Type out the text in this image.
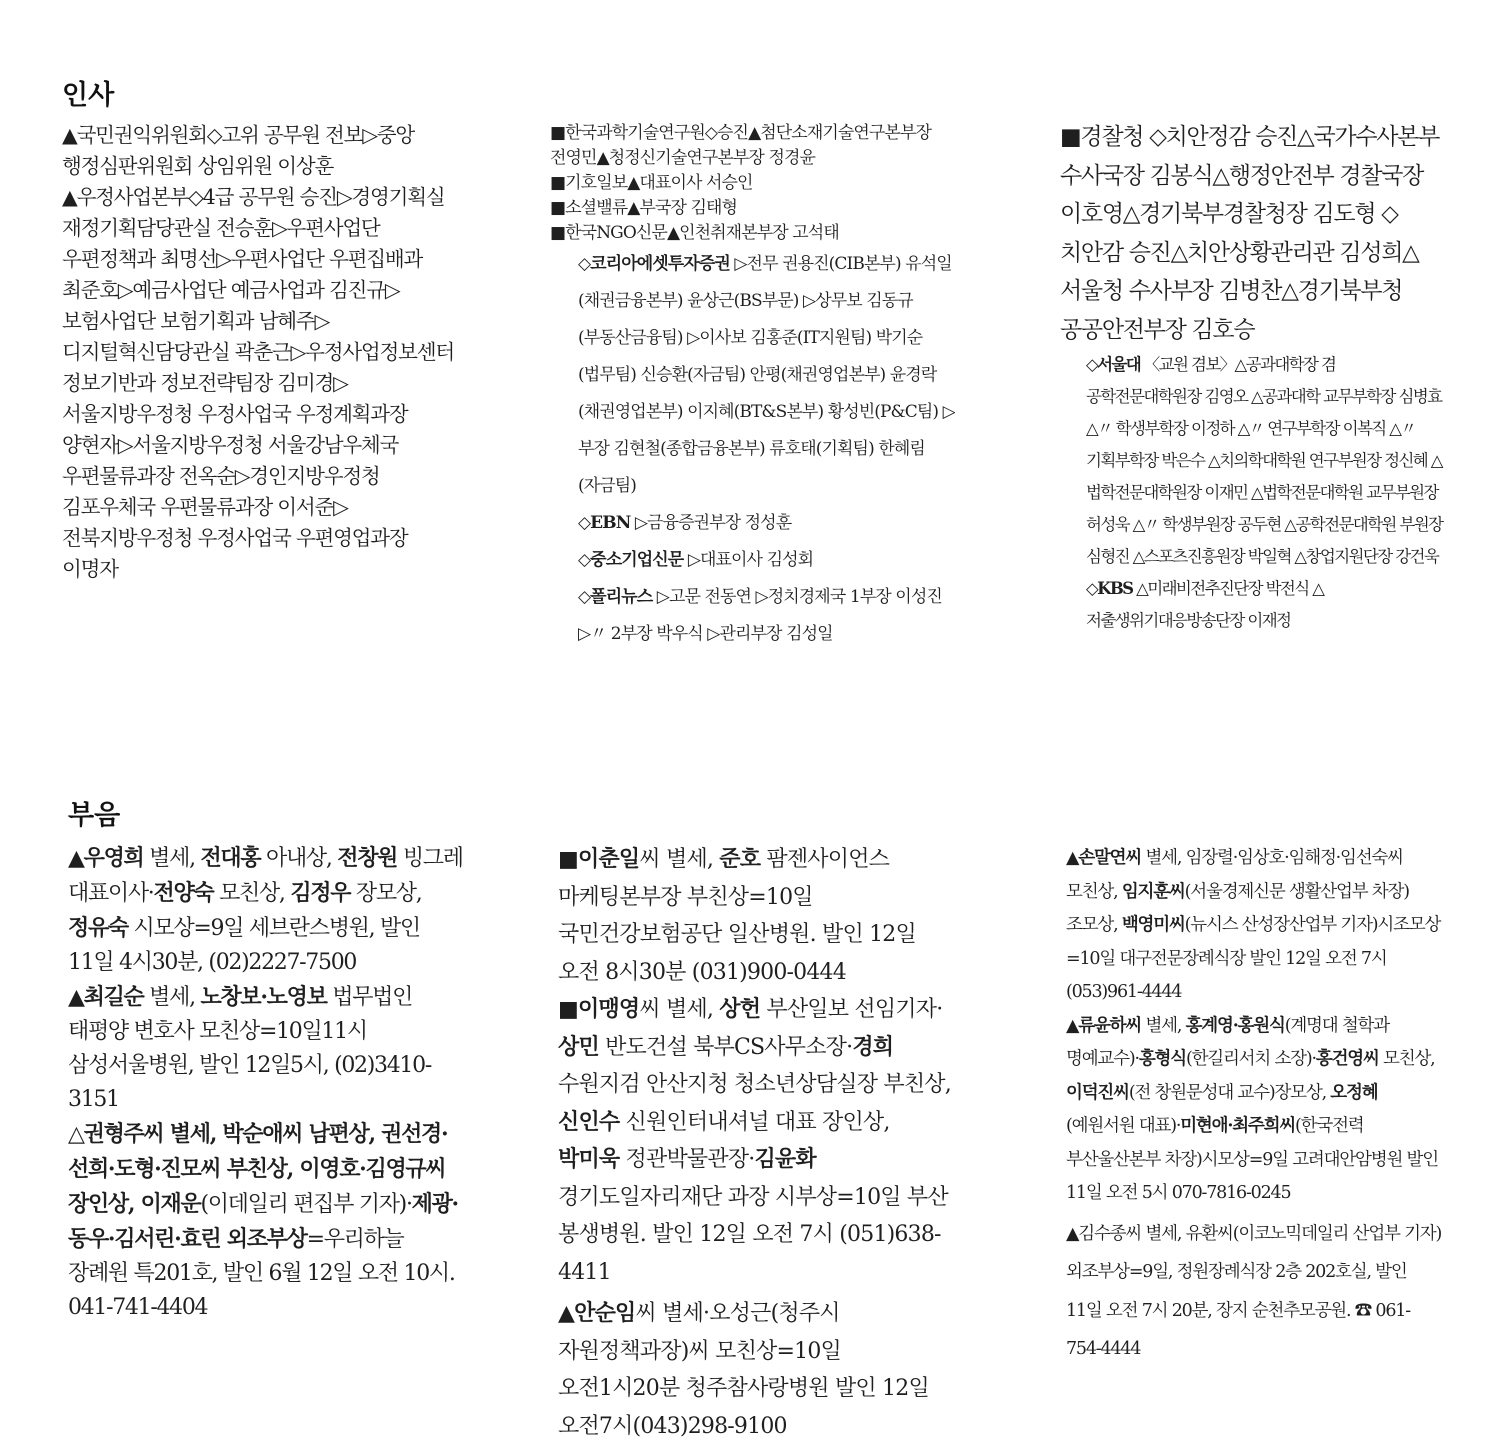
인사

▲국민권익위원회◇고위 공무원 전보▷중앙 행정심판위원회 상임위원 이상훈

▲우정사업본부◇4급 공무원 승진▷경영기획실 재정기획담당관실 전승훈▷우편사업단 우편정책과 최명선▷우편사업단 우편집배과 최준호▷예금사업단 예금사업과 김진규▷보험사업단 보험기획과 남혜주▷디지털혁신담당관실 곽춘근▷우정사업정보센터 정보기반과 정보전략팀장 김미경▷서울지방우정청 우정사업국 우정계획과장 양현자▷서울지방우정청 서울강남우체국 우편물류과장 전옥순▷경인지방우정청 김포우체국 우편물류과장 이서준▷전북지방우정청 우정사업국 우편영업과장 이명자

■한국과학기술연구원◇승진▲첨단소재기술연구본부장 전영민▲청정신기술연구본부장 정경윤

■기호일보▲대표이사 서승인

■소셜밸류▲부국장 김태형

■한국NGO신문▲인천취재본부장 고석태

◇코리아에셋투자증권 ▷전무 권용진(CIB본부) 유석일(채권금융본부) 윤상근(BS부문) ▷상무보 김동규(부동산금융팀) ▷이사보 김홍준(IT지원팀) 박기순(법무팀) 신승환(자금팀) 안평(채권영업본부) 윤경락(채권영업본부) 이지혜(BT&S본부) 황성빈(P&C팀) ▷부장 김현철(종합금융본부) 류호태(기획팀) 한혜림(자금팀)

◇EBN ▷금융증권부장 정성훈

◇중소기업신문 ▷대표이사 김성회

◇폴리뉴스 ▷고문 전동연 ▷정치경제국 1부장 이성진 ▷〃 2부장 박우식 ▷관리부장 김성일

■경찰청 ◇치안정감 승진△국가수사본부 수사국장 김봉식△행정안전부 경찰국장 이호영△경기북부경찰청장 김도형 ◇치안감 승진△치안상황관리관 김성희△서울청 수사부장 김병찬△경기북부청 공공안전부장 김호승

◇서울대 〈교원 겸보〉△공과대학장 겸 공학전문대학원장 김영오 △공과대학 교무부학장 심병효 △〃 학생부학장 이정하 △〃 연구부학장 이복직 △〃 기획부학장 박은수 △치의학대학원 연구부원장 정신혜 △법학전문대학원장 이재민 △법학전문대학원 교무부원장 허성욱 △〃 학생부원장 공두현 △공학전문대학원 부원장 심형진 △스포츠진흥원장 박일혁 △창업지원단장 강건욱

◇KBS △미래비전추진단장 박전식 △저출생위기대응방송단장 이재정

부음

▲우영희 별세, 전대홍 아내상, 전창원 빙그레 대표이사·전양숙 모친상, 김정우 장모상, 정유숙 시모상=9일 세브란스병원, 발인 11일 4시30분, (02)2227-7500

▲최길순 별세, 노창보·노영보 법무법인 태평양 변호사 모친상=10일11시 삼성서울병원, 발인 12일5시, (02)3410-3151

△권형주씨 별세, 박순애씨 남편상, 권선경·선희·도형·진모씨 부친상, 이영호·김영규씨 장인상, 이재운(이데일리 편집부 기자)·제광·동우·김서린·효린 외조부상=우리하늘 장례원 특201호, 발인 6월 12일 오전 10시. 041-741-4404

■이춘일씨 별세, 준호 팜젠사이언스 마케팅본부장 부친상=10일 국민건강보험공단 일산병원. 발인 12일 오전 8시30분 (031)900-0444

■이맹영씨 별세, 상헌 부산일보 선임기자·상민 반도건설 북부CS사무소장·경희 수원지검 안산지청 청소년상담실장 부친상, 신인수 신원인터내셔널 대표 장인상, 박미욱 정관박물관장·김윤화 경기도일자리재단 과장 시부상=10일 부산 봉생병원. 발인 12일 오전 7시 (051)638-4411

▲안순임씨 별세·오성근(청주시 자원정책과장)씨 모친상=10일 오전1시20분 청주참사랑병원 발인 12일 오전7시(043)298-9100

▲손말연씨 별세, 임장렬·임상호·임해정·임선숙씨 모친상, 임지훈씨(서울경제신문 생활산업부 차장)조모상, 백영미씨(뉴시스 산성장산업부 기자)시조모상=10일 대구전문장례식장 발인 12일 오전 7시 (053)961-4444

▲류윤하씨 별세, 홍계영·홍원식(계명대 철학과 명예교수)·홍형식(한길리서치 소장)·홍건영씨 모친상, 이덕진씨(전 창원문성대 교수)장모상, 오정혜(예원서원 대표)·미현애·최주희씨(한국전력 부산울산본부 차장)시모상=9일 고려대안암병원 발인 11일 오전 5시 070-7816-0245

▲김수종씨 별세, 유환씨(이코노믹데일리 산업부 기자) 외조부상=9일, 정원장례식장 2층 202호실, 발인 11일 오전 7시 20분, 장지 순천추모공원. ☎ 061-754-4444
